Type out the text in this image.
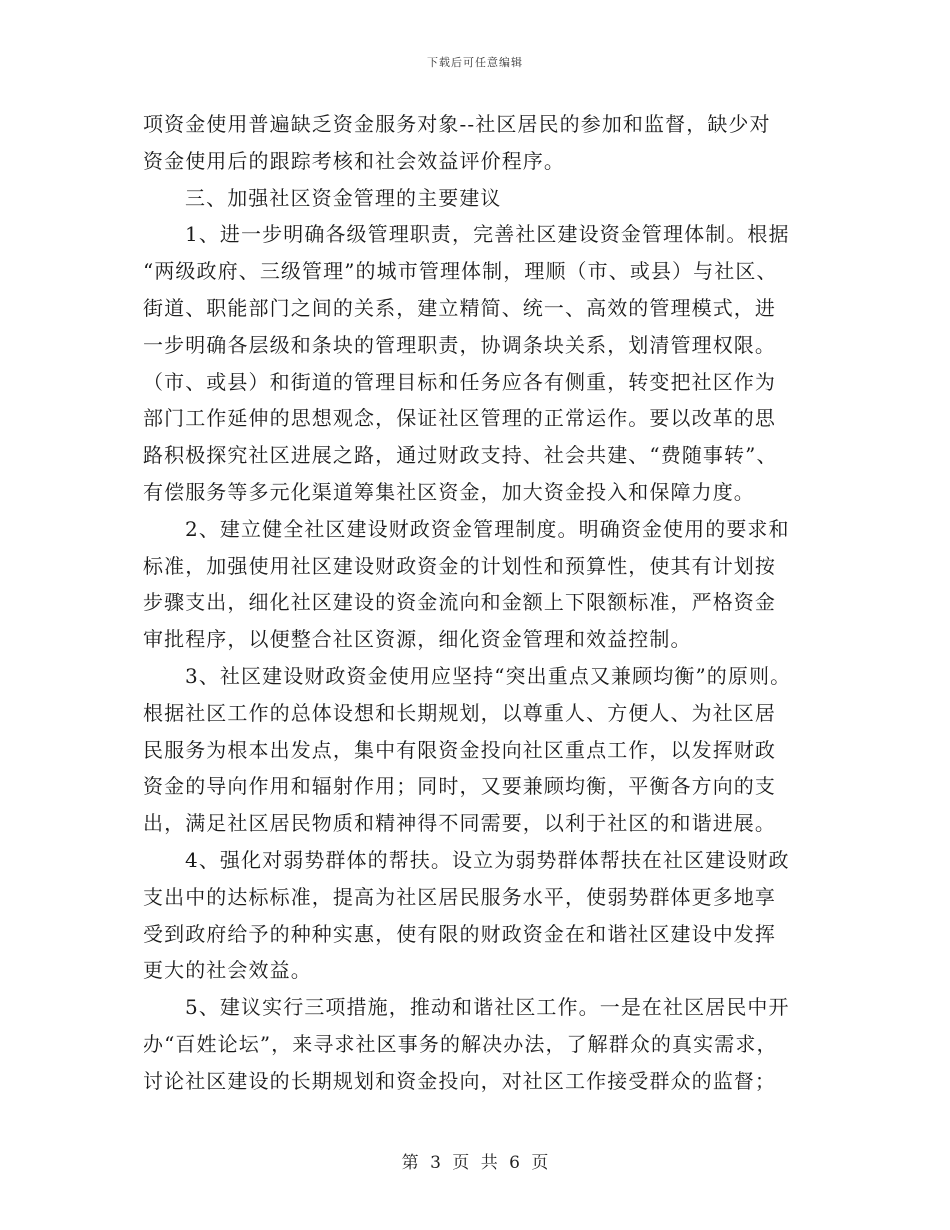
下载后可任意编辑
项资金使用普遍缺乏资金服务对象--社区居民的参加和监督，缺少对
资金使用后的跟踪考核和社会效益评价程序。
三、加强社区资金管理的主要建议
1、进一步明确各级管理职责，完善社区建设资金管理体制。根据
“两级政府、三级管理”的城市管理体制，理顺（市、或县）与社区、
街道、职能部门之间的关系，建立精简、统一、高效的管理模式，进
一步明确各层级和条块的管理职责，协调条块关系，划清管理权限。
（市、或县）和街道的管理目标和任务应各有侧重，转变把社区作为
部门工作延伸的思想观念，保证社区管理的正常运作。要以改革的思
路积极探究社区进展之路，通过财政支持、社会共建、“费随事转”、
有偿服务等多元化渠道筹集社区资金，加大资金投入和保障力度。
2、建立健全社区建设财政资金管理制度。明确资金使用的要求和
标准，加强使用社区建设财政资金的计划性和预算性，使其有计划按
步骤支出，细化社区建设的资金流向和金额上下限额标准，严格资金
审批程序，以便整合社区资源，细化资金管理和效益控制。
3、社区建设财政资金使用应坚持“突出重点又兼顾均衡”的原则。
根据社区工作的总体设想和长期规划，以尊重人、方便人、为社区居
民服务为根本出发点，集中有限资金投向社区重点工作，以发挥财政
资金的导向作用和辐射作用；同时，又要兼顾均衡，平衡各方向的支
出，满足社区居民物质和精神得不同需要，以利于社区的和谐进展。
4、强化对弱势群体的帮扶。设立为弱势群体帮扶在社区建设财政
支出中的达标标准，提高为社区居民服务水平，使弱势群体更多地享
受到政府给予的种种实惠，使有限的财政资金在和谐社区建设中发挥
更大的社会效益。
5、建议实行三项措施，推动和谐社区工作。一是在社区居民中开
办“百姓论坛”，来寻求社区事务的解决办法，了解群众的真实需求，
讨论社区建设的长期规划和资金投向，对社区工作接受群众的监督；
第 3 页 共 6 页
